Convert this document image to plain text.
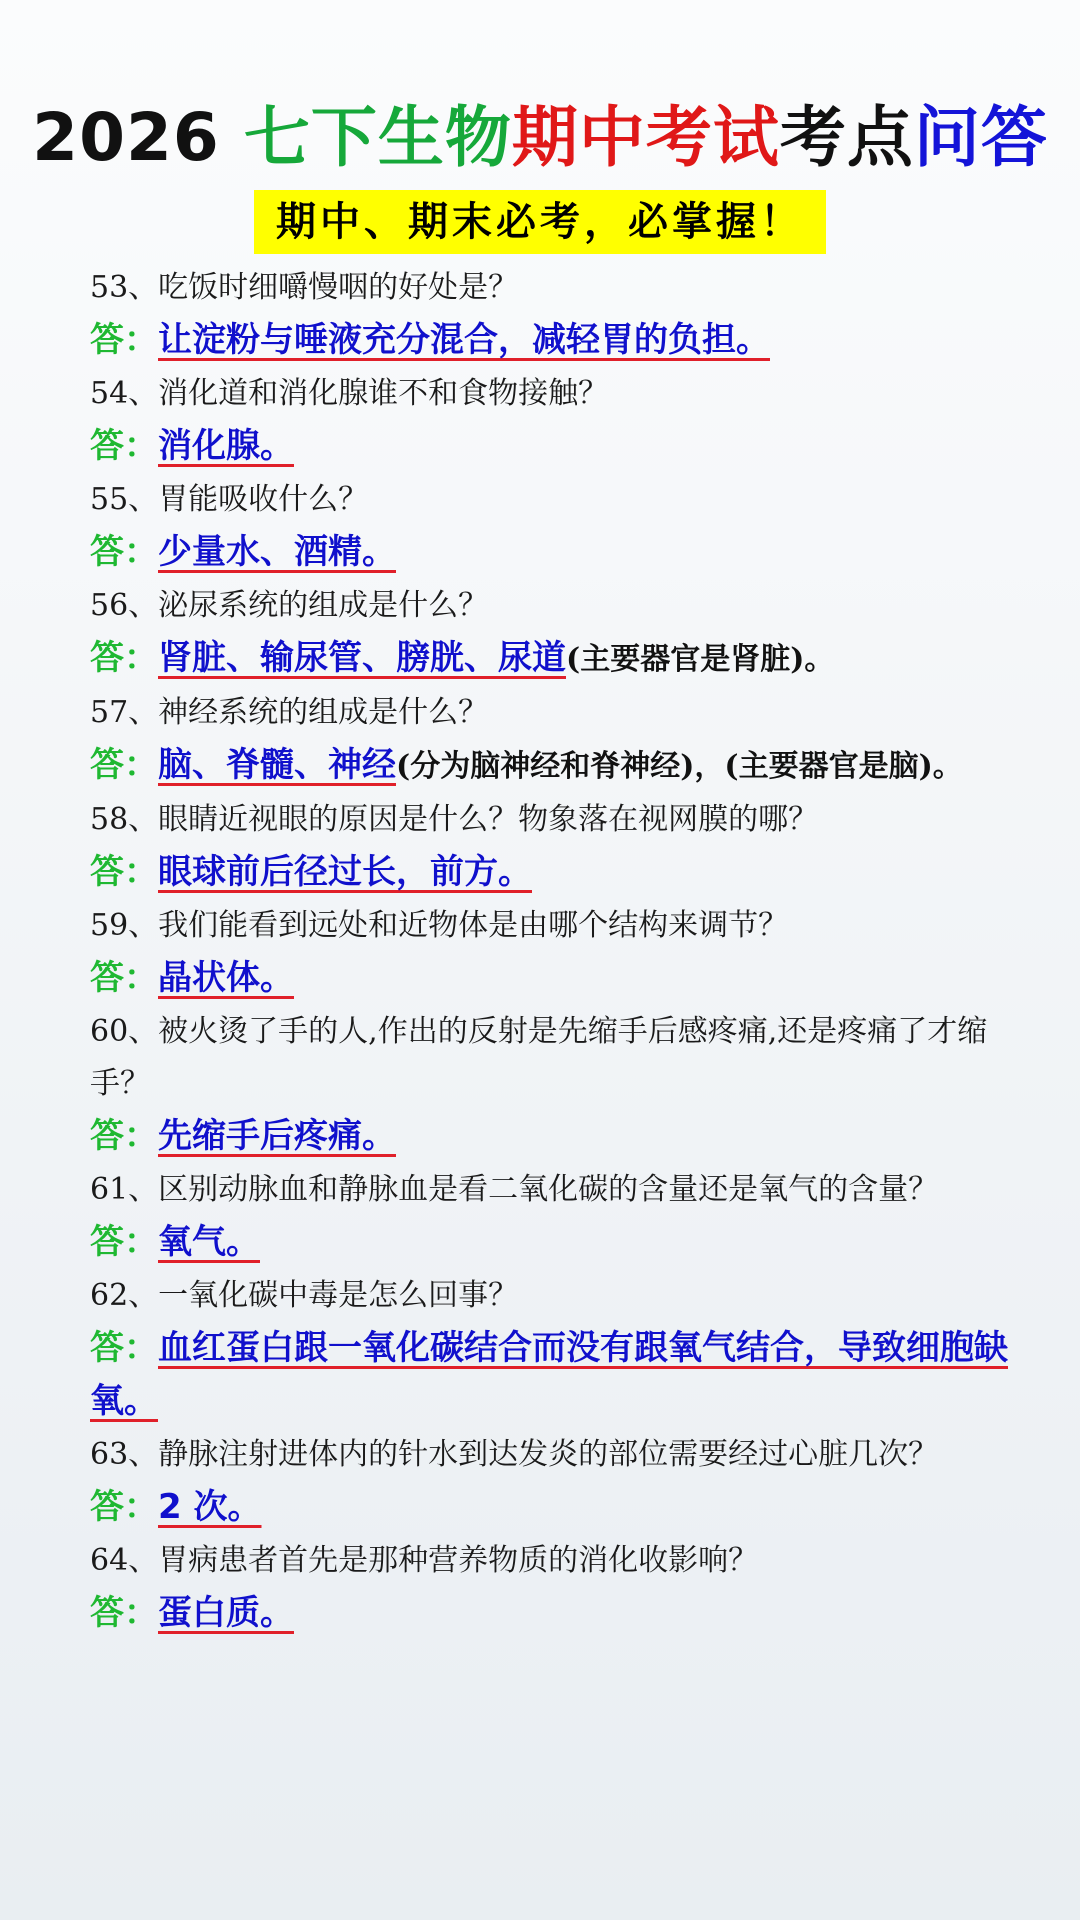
2026 七下生物期中考试考点问答
期中、期末必考，必掌握！

53、吃饭时细嚼慢咽的好处是？

答：让淀粉与唾液充分混合，减轻胃的负担。

54、消化道和消化腺谁不和食物接触？

答：消化腺。

55、胃能吸收什么？

答：少量水、酒精。

56、泌尿系统的组成是什么？

答：肾脏、输尿管、膀胱、尿道(主要器官是肾脏)。

57、神经系统的组成是什么？

答：脑、脊髓、神经(分为脑神经和脊神经)，(主要器官是脑)。

58、眼睛近视眼的原因是什么？物象落在视网膜的哪？

答：眼球前后径过长，前方。

59、我们能看到远处和近物体是由哪个结构来调节？

答：晶状体。

60、被火烫了手的人,作出的反射是先缩手后感疼痛,还是疼痛了才缩手？

答：先缩手后疼痛。

61、区别动脉血和静脉血是看二氧化碳的含量还是氧气的含量？

答：氧气。

62、一氧化碳中毒是怎么回事？

答：血红蛋白跟一氧化碳结合而没有跟氧气结合，导致细胞缺氧。

63、静脉注射进体内的针水到达发炎的部位需要经过心脏几次？

答：2 次。

64、胃病患者首先是那种营养物质的消化收影响？

答：蛋白质。
